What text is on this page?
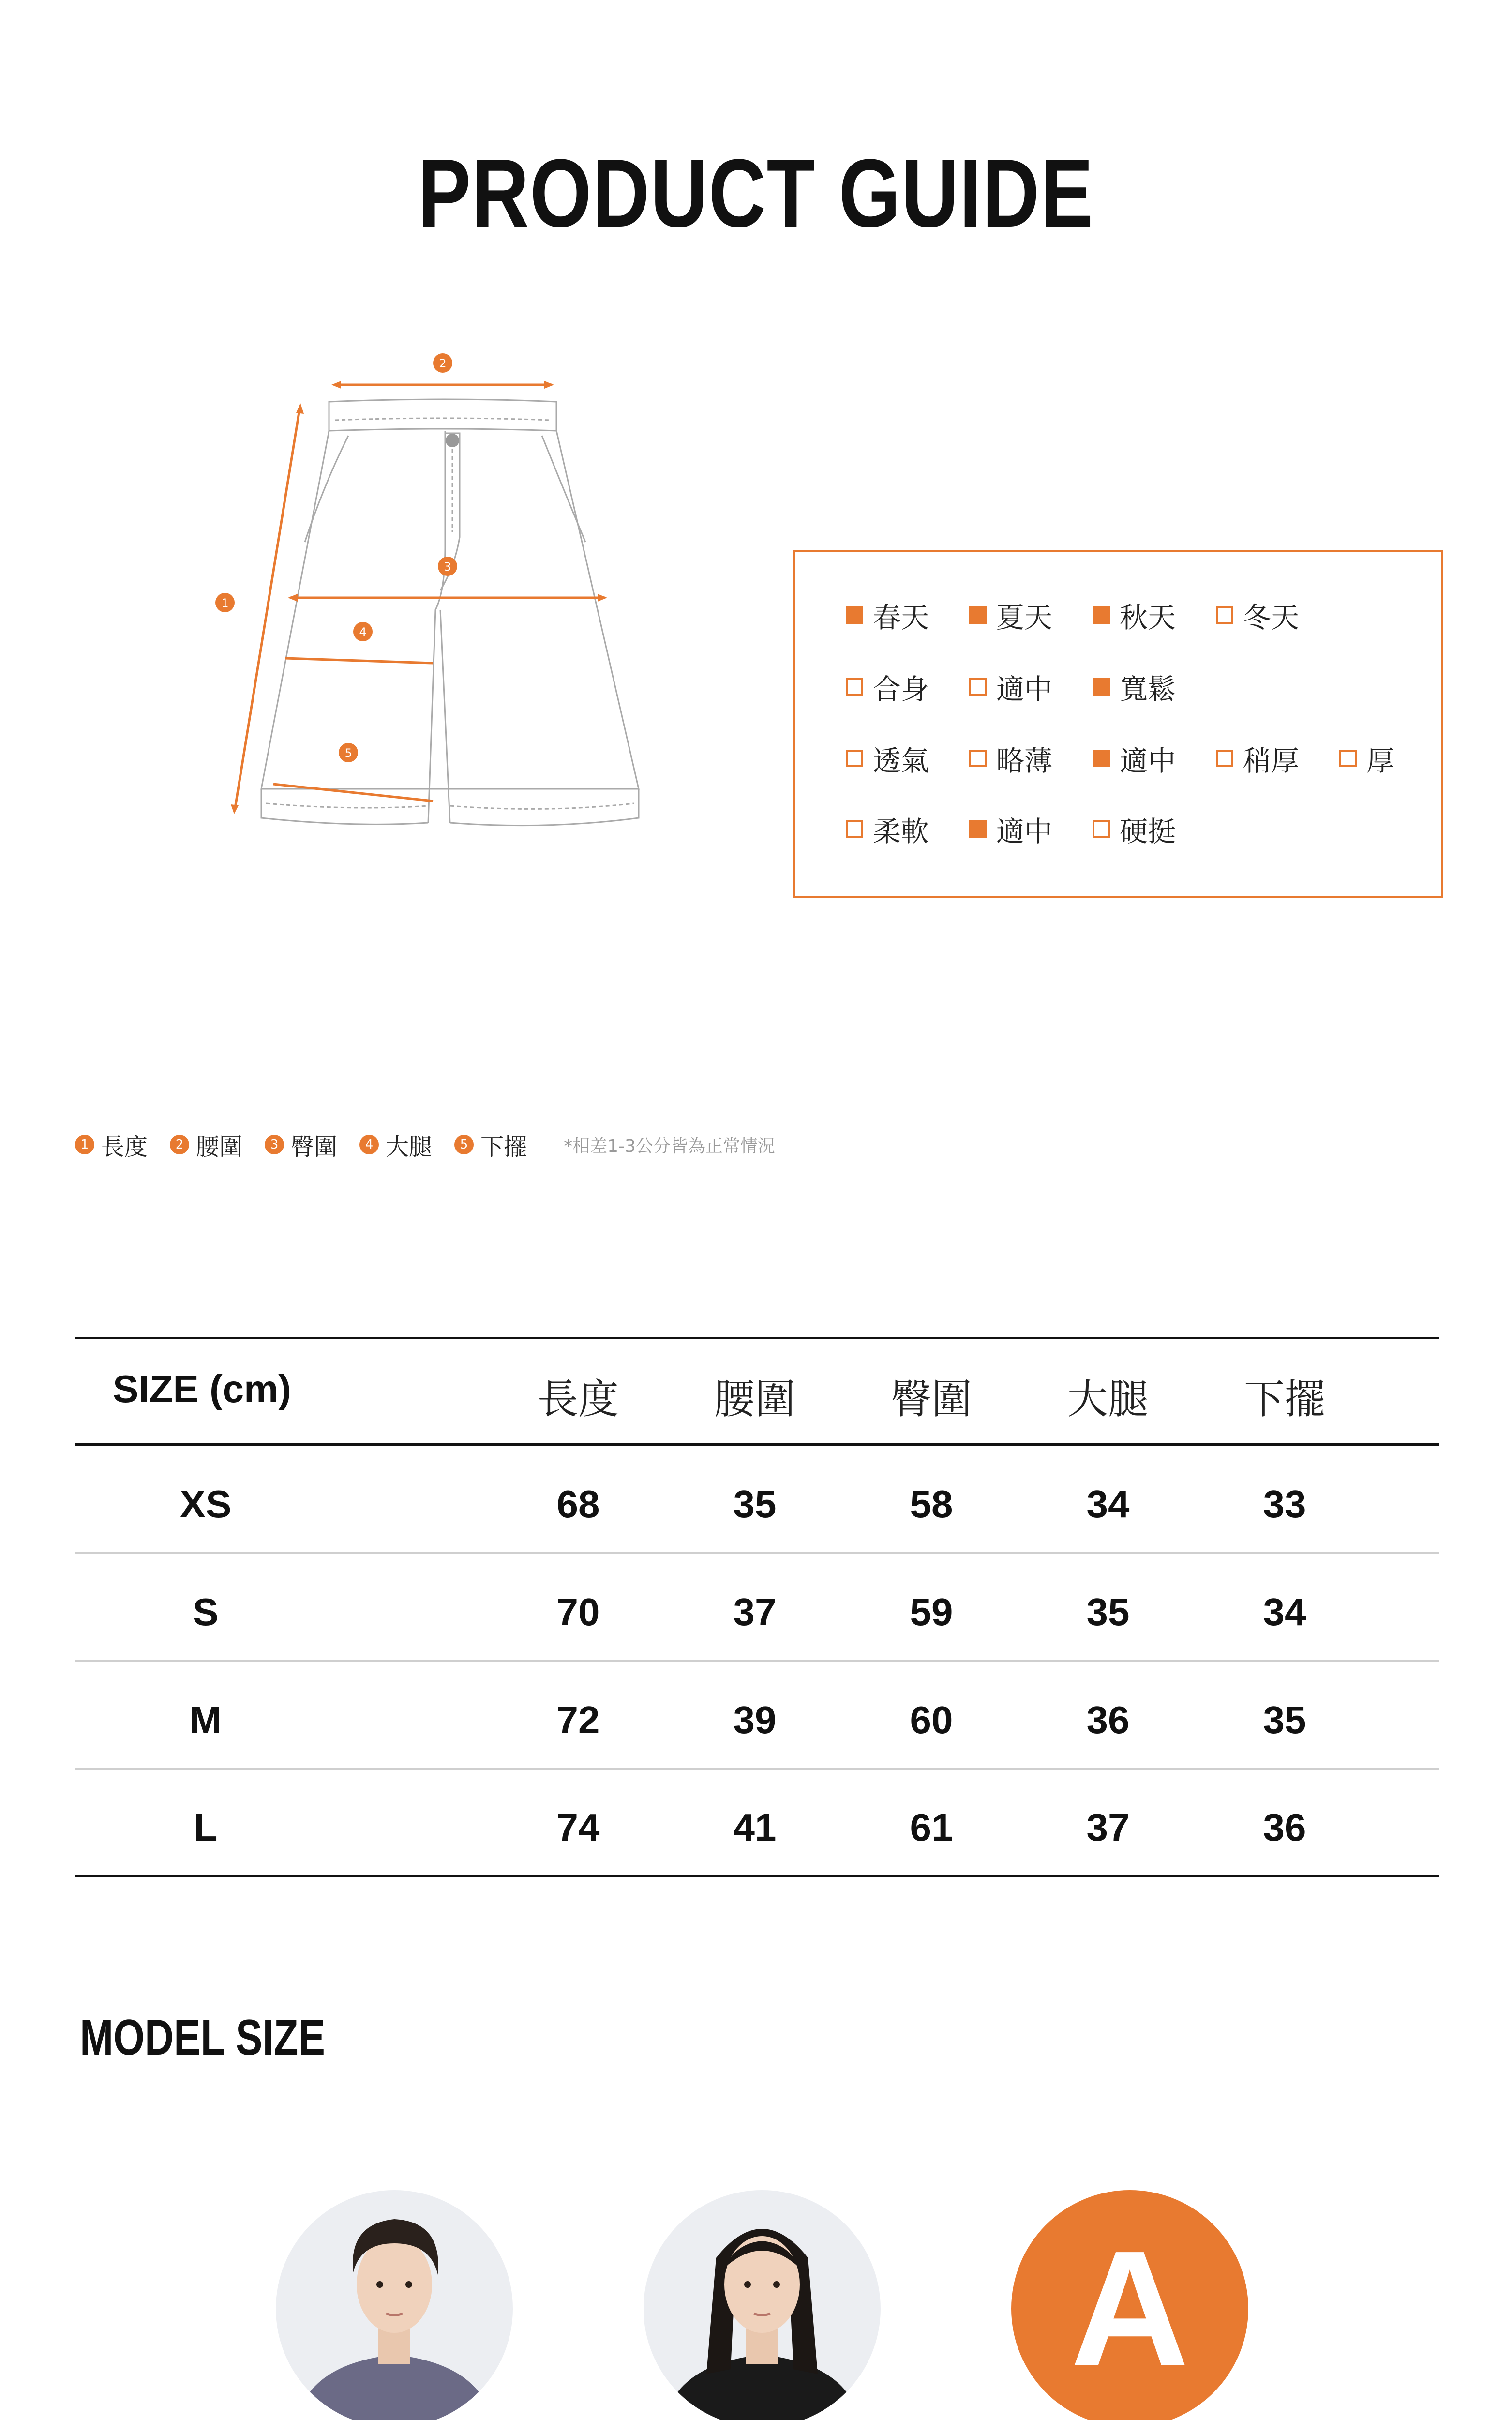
PRODUCT GUIDE
2
1
3
4
5
春天 夏天 秋天 冬天
合身 適中 寬鬆
透氣 略薄 適中 稍厚 厚
柔軟 適中 硬挺
1 長度	2 腰圍	3 臀圍	4 大腿	5 下擺 *相差1-3公分皆為正常情況
SIZE (cm)	長度	腰圍	臀圍	大腿	下擺
XS	68	35	58	34	33
S	70	37	59	35	34
M	72	39	60	36	35
L	74	41	61	37	36
MODEL SIZE
A
